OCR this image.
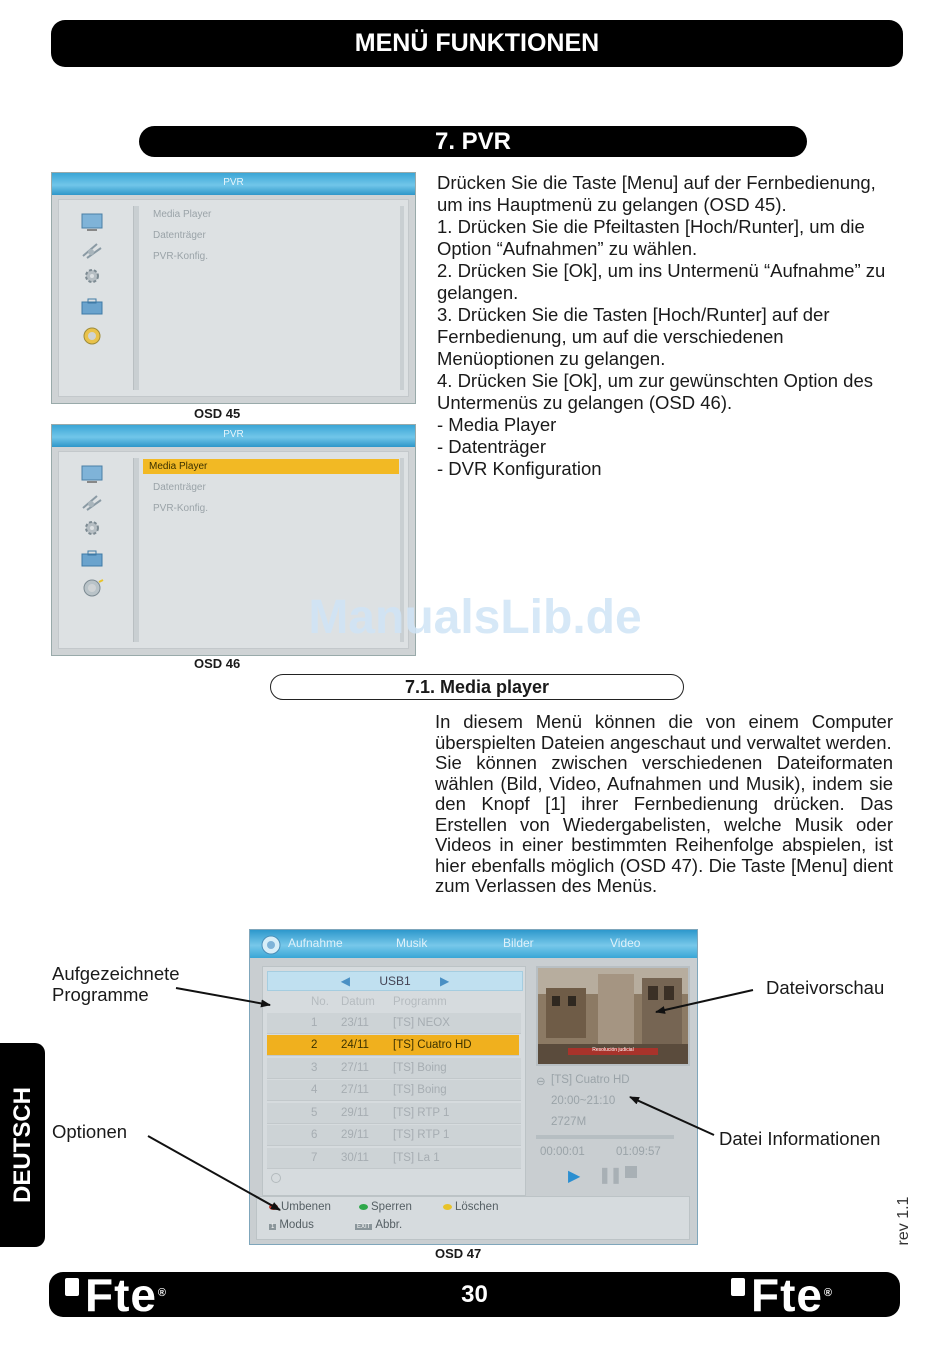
MENÜ FUNKTIONEN
7. PVR
PVR
Media Player
Datenträger
PVR-Konfig.
OSD 45
PVR
Media Player
Datenträger
PVR-Konfig.
OSD 46

Drücken Sie die Taste [Menu] auf der Fernbedienung, um ins Hauptmenü zu gelangen (OSD 45).

1. Drücken Sie die Pfeiltasten [Hoch/Runter], um die Option “Aufnahmen” zu wählen.

2. Drücken Sie [Ok], um ins Untermenü “Aufnahme” zu gelangen.

3. Drücken Sie die Tasten [Hoch/Runter] auf der Fernbedienung, um auf die verschiedenen Menüoptionen zu gelangen.

4. Drücken Sie [Ok], um zur gewünschten Option des Untermenüs zu gelangen (OSD 46).

- Media Player

- Datenträger

- DVR Konfiguration

ManualsLib.de
7.1. Media player

In diesem Menü können die von einem Computer überspielten Dateien angeschaut und verwaltet werden.

Sie können zwischen verschiedenen Dateiformaten wählen (Bild, Video, Aufnahmen und Musik), indem sie den Knopf [1] ihrer Fernbedienung drücken. Das Erstellen von Wiedergabelisten, welche Musik oder Videos in einer bestimmten Reihenfolge abspielen, ist hier ebenfalls möglich (OSD 47). Die Taste [Menu] dient zum Verlassen des Menüs.

Aufnahme	Musik	Bilder	Video
◀ USB1 ▶
No. Datum Programm
1 23/11 [TS] NEOX
2 24/11 [TS] Cuatro HD
3 27/11 [TS] Boing
4 27/11 [TS] Boing
5 29/11 [TS] RTP 1
6 29/11 [TS] RTP 1
7 30/11 [TS] La 1
Resolución judicial
⊖ [TS] Cuatro HD
20:00~21:10
2727M
00:00:01	01:09:57
▶ ❚❚
Umbenen	Sperren	Löschen
1 Modus	EXIT Abbr.
OSD 47
Aufgezeichnete
Programme
Optionen
Dateivorschau
Datei Informationen
DEUTSCH
rev 1.1
Fte ®	30	Fte ®
